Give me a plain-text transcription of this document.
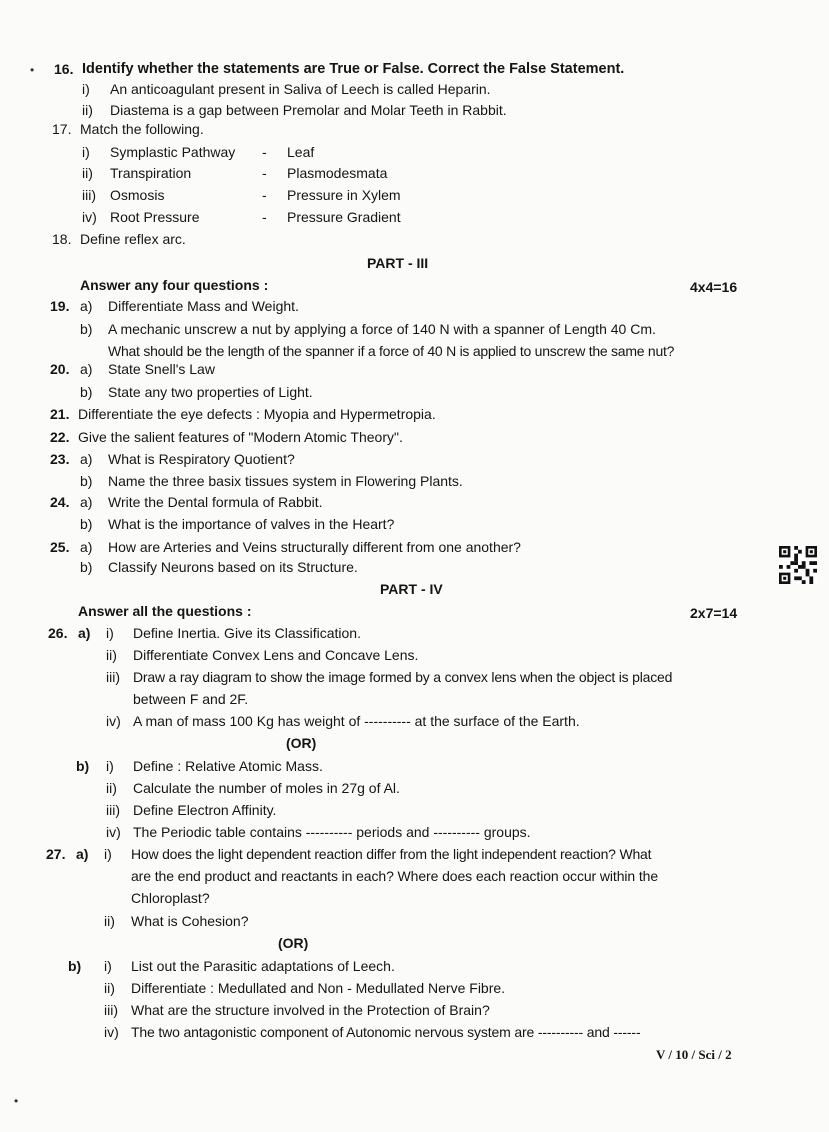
16. Identify whether the statements are True or False. Correct the False Statement.
i) An anticoagulant present in Saliva of Leech is called Heparin.
ii) Diastema is a gap between Premolar and Molar Teeth in Rabbit.
17. Match the following.
i) Symplastic Pathway - Leaf
ii) Transpiration	- Plasmodesmata
iii) Osmosis	- Pressure in Xylem
iv) Root Pressure	- Pressure Gradient
18. Define reflex arc.
PART - III
Answer any four questions :	4x4=16
19. a) Differentiate Mass and Weight.
b) A mechanic unscrew a nut by applying a force of 140 N with a spanner of Length 40 Cm.
What should be the length of the spanner if a force of 40 N is applied to unscrew the same nut?
20. a) State Snell's Law
b) State any two properties of Light.
21. Differentiate the eye defects : Myopia and Hypermetropia.
22. Give the salient features of "Modern Atomic Theory".
23. a) What is Respiratory Quotient?
b) Name the three basix tissues system in Flowering Plants.
24. a) Write the Dental formula of Rabbit.
b) What is the importance of valves in the Heart?
25. a) How are Arteries and Veins structurally different from one another?
b) Classify Neurons based on its Structure.
PART - IV
Answer all the questions :	2x7=14
26. a) i) Define Inertia. Give its Classification.
ii) Differentiate Convex Lens and Concave Lens.
iii) Draw a ray diagram to show the image formed by a convex lens when the object is placed
between F and 2F.
iv) A man of mass 100 Kg has weight of ---------- at the surface of the Earth.
(OR)
b) i) Define : Relative Atomic Mass.
ii) Calculate the number of moles in 27g of Al.
iii) Define Electron Affinity.
iv) The Periodic table contains ---------- periods and ---------- groups.
27. a) i) How does the light dependent reaction differ from the light independent reaction? What
are the end product and reactants in each? Where does each reaction occur within the
Chloroplast?
ii) What is Cohesion?
(OR)
b) i) List out the Parasitic adaptations of Leech.
ii) Differentiate : Medullated and Non - Medullated Nerve Fibre.
iii) What are the structure involved in the Protection of Brain?
iv) The two antagonistic component of Autonomic nervous system are ---------- and ------
V / 10 / Sci / 2
•
•
